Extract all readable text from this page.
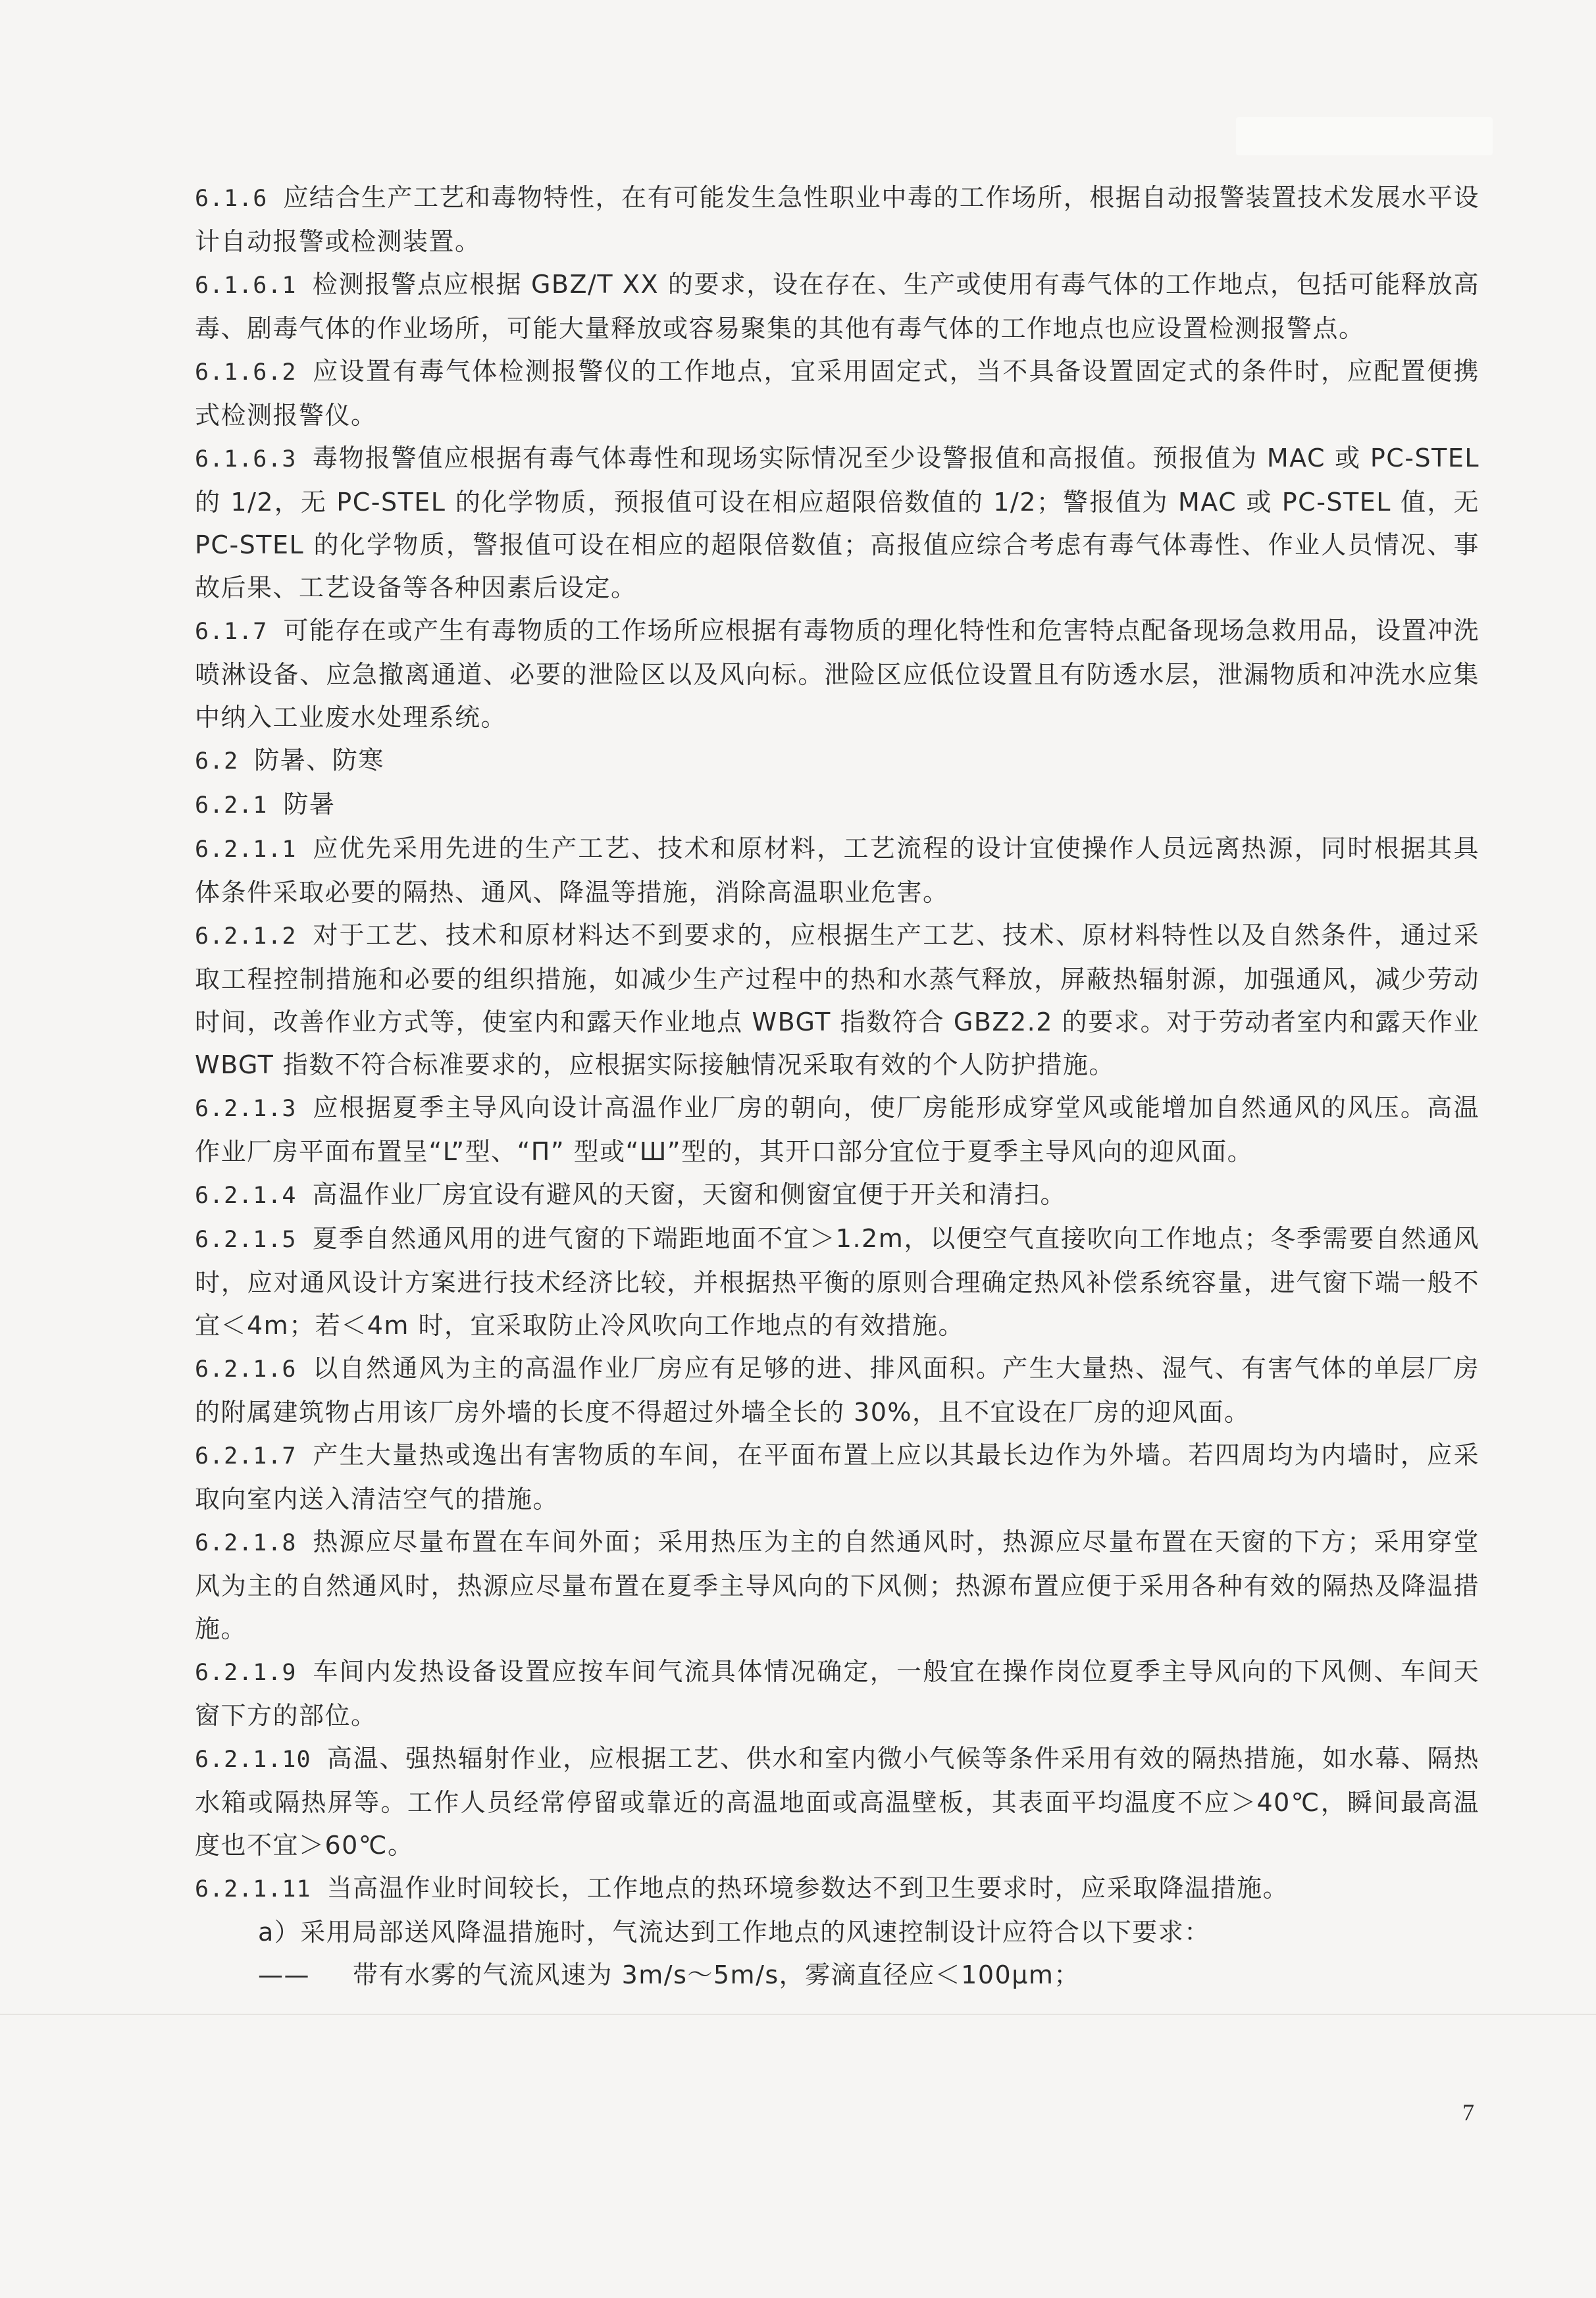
6.1.6 应结合生产工艺和毒物特性，在有可能发生急性职业中毒的工作场所，根据自动报警装置技术发展水平设计自动报警或检测装置。

6.1.6.1 检测报警点应根据 GBZ/T XX 的要求，设在存在、生产或使用有毒气体的工作地点，包括可能释放高毒、剧毒气体的作业场所，可能大量释放或容易聚集的其他有毒气体的工作地点也应设置检测报警点。

6.1.6.2 应设置有毒气体检测报警仪的工作地点，宜采用固定式，当不具备设置固定式的条件时，应配置便携式检测报警仪。

6.1.6.3 毒物报警值应根据有毒气体毒性和现场实际情况至少设警报值和高报值。预报值为 MAC 或 PC-STEL 的 1/2，无 PC-STEL 的化学物质，预报值可设在相应超限倍数值的 1/2；警报值为 MAC 或 PC-STEL 值，无 PC-STEL 的化学物质，警报值可设在相应的超限倍数值；高报值应综合考虑有毒气体毒性、作业人员情况、事故后果、工艺设备等各种因素后设定。

6.1.7 可能存在或产生有毒物质的工作场所应根据有毒物质的理化特性和危害特点配备现场急救用品，设置冲洗喷淋设备、应急撤离通道、必要的泄险区以及风向标。泄险区应低位设置且有防透水层，泄漏物质和冲洗水应集中纳入工业废水处理系统。

6.2 防暑、防寒

6.2.1 防暑

6.2.1.1 应优先采用先进的生产工艺、技术和原材料，工艺流程的设计宜使操作人员远离热源，同时根据其具体条件采取必要的隔热、通风、降温等措施，消除高温职业危害。

6.2.1.2 对于工艺、技术和原材料达不到要求的，应根据生产工艺、技术、原材料特性以及自然条件，通过采取工程控制措施和必要的组织措施，如减少生产过程中的热和水蒸气释放，屏蔽热辐射源，加强通风，减少劳动时间，改善作业方式等，使室内和露天作业地点 WBGT 指数符合 GBZ2.2 的要求。对于劳动者室内和露天作业 WBGT 指数不符合标准要求的，应根据实际接触情况采取有效的个人防护措施。

6.2.1.3 应根据夏季主导风向设计高温作业厂房的朝向，使厂房能形成穿堂风或能增加自然通风的风压。高温作业厂房平面布置呈“L”型、“П” 型或“Ш”型的，其开口部分宜位于夏季主导风向的迎风面。

6.2.1.4 高温作业厂房宜设有避风的天窗，天窗和侧窗宜便于开关和清扫。

6.2.1.5 夏季自然通风用的进气窗的下端距地面不宜＞1.2m，以便空气直接吹向工作地点；冬季需要自然通风时，应对通风设计方案进行技术经济比较，并根据热平衡的原则合理确定热风补偿系统容量，进气窗下端一般不宜＜4m；若＜4m 时，宜采取防止冷风吹向工作地点的有效措施。

6.2.1.6 以自然通风为主的高温作业厂房应有足够的进、排风面积。产生大量热、湿气、有害气体的单层厂房的附属建筑物占用该厂房外墙的长度不得超过外墙全长的 30%，且不宜设在厂房的迎风面。

6.2.1.7 产生大量热或逸出有害物质的车间，在平面布置上应以其最长边作为外墙。若四周均为内墙时，应采取向室内送入清洁空气的措施。

6.2.1.8 热源应尽量布置在车间外面；采用热压为主的自然通风时，热源应尽量布置在天窗的下方；采用穿堂风为主的自然通风时，热源应尽量布置在夏季主导风向的下风侧；热源布置应便于采用各种有效的隔热及降温措施。

6.2.1.9 车间内发热设备设置应按车间气流具体情况确定，一般宜在操作岗位夏季主导风向的下风侧、车间天窗下方的部位。

6.2.1.10 高温、强热辐射作业，应根据工艺、供水和室内微小气候等条件采用有效的隔热措施，如水幕、隔热水箱或隔热屏等。工作人员经常停留或靠近的高温地面或高温壁板，其表面平均温度不应＞40℃，瞬间最高温度也不宜＞60℃。

6.2.1.11 当高温作业时间较长，工作地点的热环境参数达不到卫生要求时，应采取降温措施。

a）采用局部送风降温措施时，气流达到工作地点的风速控制设计应符合以下要求：

—— 带有水雾的气流风速为 3m/s～5m/s，雾滴直径应＜100μm；

7
